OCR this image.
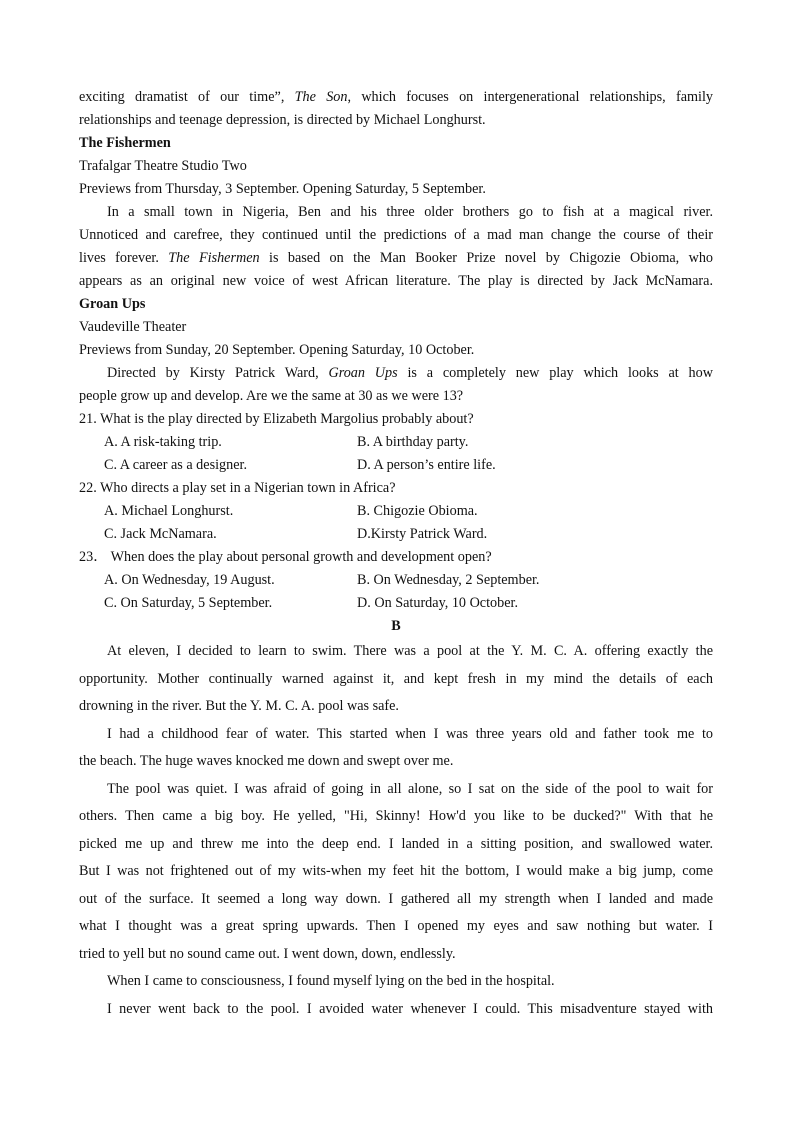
exciting dramatist of our time”, The Son, which focuses on intergenerational relationships, family
relationships and teenage depression, is directed by Michael Longhurst.
The Fishermen
Trafalgar Theatre Studio Two
Previews from Thursday, 3 September. Opening Saturday, 5 September.
In a small town in Nigeria, Ben and his three older brothers go to fish at a magical river.
Unnoticed and carefree, they continued until the predictions of a mad man change the course of their
lives forever. The Fishermen is based on the Man Booker Prize novel by Chigozie Obioma, who
appears as an original new voice of west African literature. The play is directed by Jack McNamara.
Groan Ups
Vaudeville Theater
Previews from Sunday, 20 September. Opening Saturday, 10 October.
Directed by Kirsty Patrick Ward, Groan Ups is a completely new play which looks at how
people grow up and develop. Are we the same at 30 as we were 13?
21. What is the play directed by Elizabeth Margolius probably about?
A. A risk-taking trip.	B. A birthday party.
C. A career as a designer.	D. A person’s entire life.
22. Who directs a play set in a Nigerian town in Africa?
A. Michael Longhurst.	B. Chigozie Obioma.
C. Jack McNamara.	D.Kirsty Patrick Ward.
23． When does the play about personal growth and development open?
A. On Wednesday, 19 August.	B. On Wednesday, 2 September.
C. On Saturday, 5 September.	D. On Saturday, 10 October.
B
At eleven, I decided to learn to swim. There was a pool at the Y. M. C. A. offering exactly the
opportunity. Mother continually warned against it, and kept fresh in my mind the details of each
drowning in the river. But the Y. M. C. A. pool was safe.
I had a childhood fear of water. This started when I was three years old and father took me to
the beach. The huge waves knocked me down and swept over me.
The pool was quiet. I was afraid of going in all alone, so I sat on the side of the pool to wait for
others. Then came a big boy. He yelled, "Hi, Skinny! How'd you like to be ducked?" With that he
picked me up and threw me into the deep end. I landed in a sitting position, and swallowed water.
But I was not frightened out of my wits-when my feet hit the bottom, I would make a big jump, come
out of the surface. It seemed a long way down. I gathered all my strength when I landed and made
what I thought was a great spring upwards. Then I opened my eyes and saw nothing but water. I
tried to yell but no sound came out. I went down, down, endlessly.
When I came to consciousness, I found myself lying on the bed in the hospital.
I never went back to the pool. I avoided water whenever I could. This misadventure stayed with
